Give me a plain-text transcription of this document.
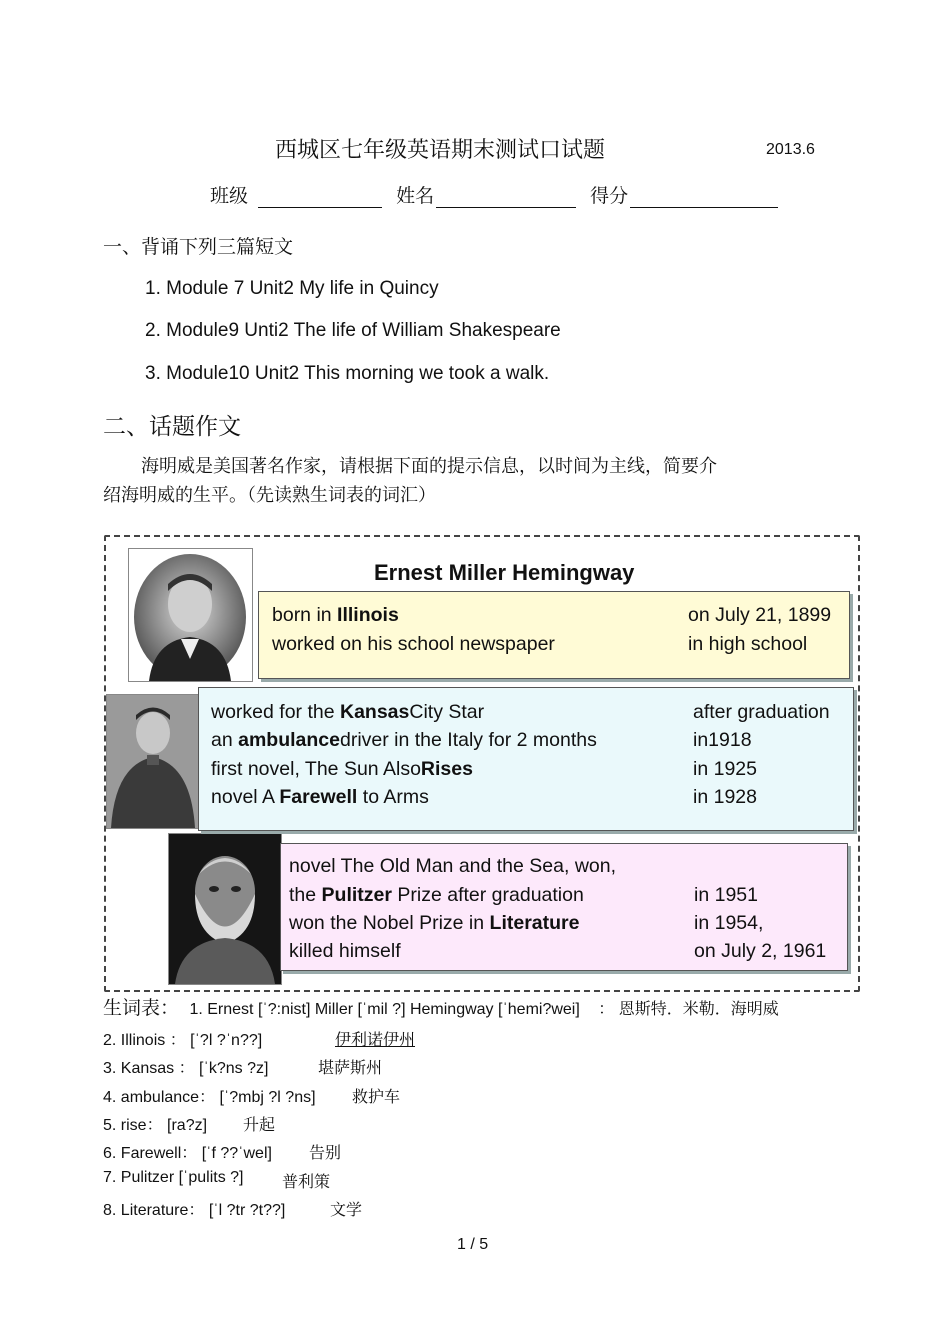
西城区七年级英语期末测试口试题	2013.6
班级	姓名	得分
一、背诵下列三篇短文
1. Module 7 Unit2 My life in Quincy
2. Module9 Unti2 The life of William Shakespeare
3. Module10 Unit2 This morning we took a walk.
二、话题作文
海明威是美国著名作家，请根据下面的提示信息，以时间为主线，简要介
绍海明威的生平。（先读熟生词表的词汇）
Ernest Miller Hemingway
born in Illinois	on July 21, 1899
worked on his school newspaper	in high school
worked for the KansasCity Star	after graduation
an ambulancedriver in the Italy for 2 months	in1918
first novel, The Sun AlsoRises	in 1925
novel A Farewell to Arms	in 1928
novel The Old Man and the Sea, won,
the Pulitzer Prize after graduation	in 1951
won the Nobel Prize in Literature	in 1954,
killed himself	on July 2, 1961
生词表： 1. Ernest [ˈ?:nist] Miller [ˈmil ?] Hemingway [ˈhemi?wei] ： 恩斯特．米勒．海明威
2. Illinois ： [ˈ?l ?ˈn??]	伊利诺伊州
3. Kansas ： [ˈk?ns ?z]	堪萨斯州
4. ambulance： [ˈ?mbj ?l ?ns] 救护车
5. rise： [ra?z] 升起
6. Farewell： [ˈf ??ˈwel] 告别
7. Pulitzer [ˈpulits ?] 普利策
8. Literature： [ˈl ?tr ?t??]	文学
1 / 5
